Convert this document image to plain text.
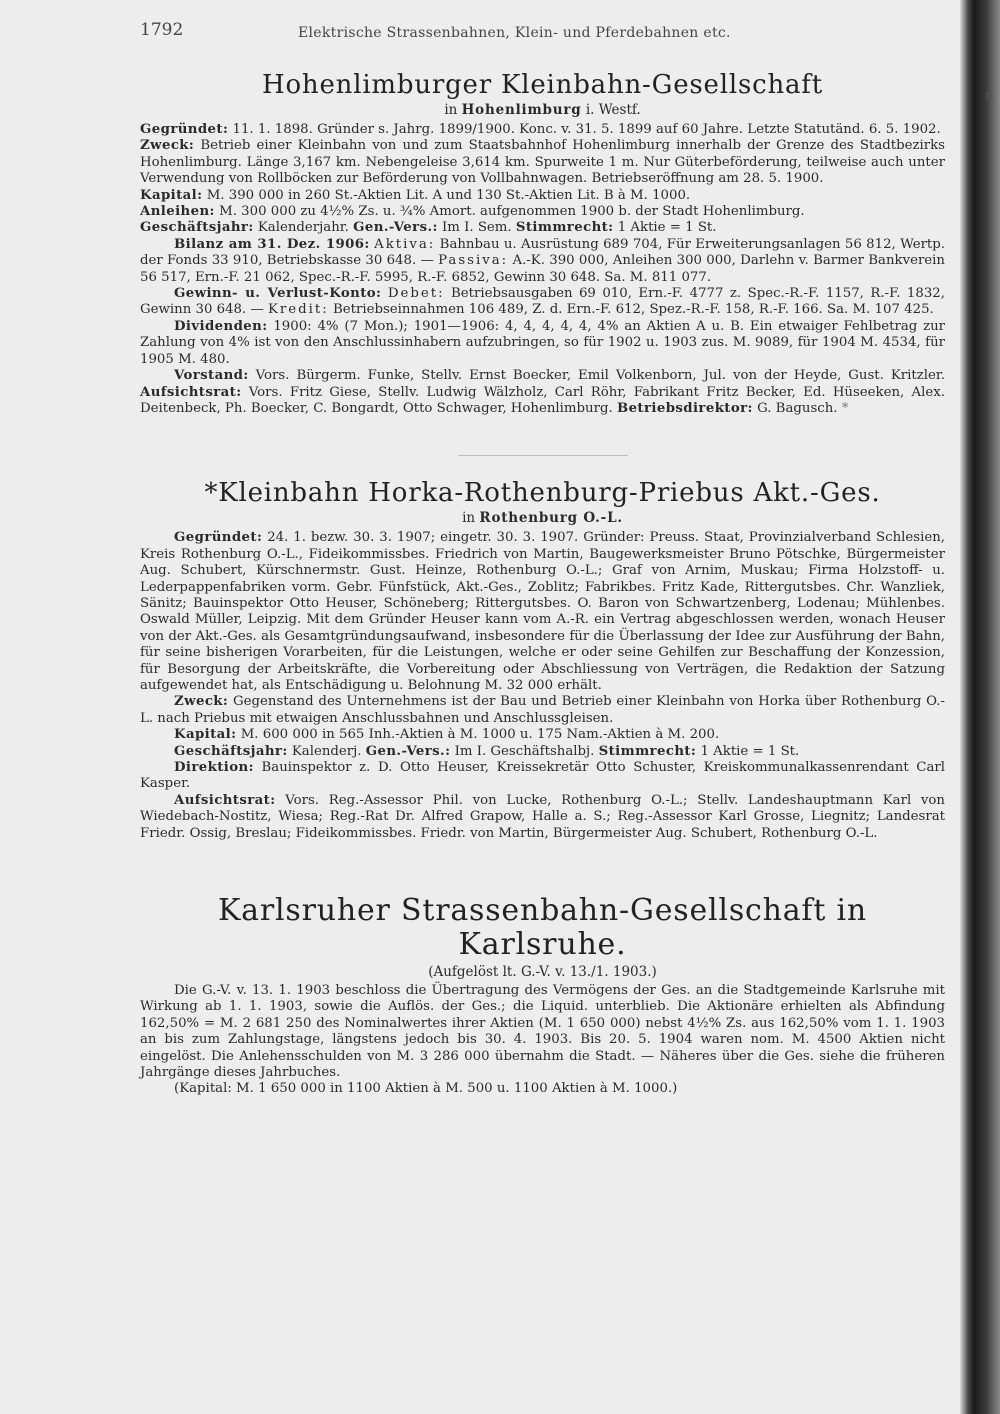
n
1792	Elektrische Strassenbahnen, Klein- und Pferdebahnen etc.
Hohenlimburger Kleinbahn-Gesellschaft
in Hohenlimburg i. Westf.

Gegründet: 11. 1. 1898. Gründer s. Jahrg. 1899/1900. Konc. v. 31. 5. 1899 auf 60 Jahre. Letzte Statutänd. 6. 5. 1902.

Zweck: Betrieb einer Kleinbahn von und zum Staatsbahnhof Hohenlimburg innerhalb der Grenze des Stadtbezirks Hohenlimburg. Länge 3,167 km. Nebengeleise 3,614 km. Spurweite 1 m. Nur Güterbeförderung, teilweise auch unter Verwendung von Rollböcken zur Beförderung von Vollbahnwagen. Betriebseröffnung am 28. 5. 1900.

Kapital: M. 390 000 in 260 St.-Aktien Lit. A und 130 St.-Aktien Lit. B à M. 1000.

Anleihen: M. 300 000 zu 4½% Zs. u. ¾% Amort. aufgenommen 1900 b. der Stadt Hohenlimburg.

Geschäftsjahr: Kalenderjahr. Gen.-Vers.: Im I. Sem. Stimmrecht: 1 Aktie = 1 St.

Bilanz am 31. Dez. 1906: Aktiva: Bahnbau u. Ausrüstung 689 704, Für Erweiterungsanlagen 56 812, Wertp. der Fonds 33 910, Betriebskasse 30 648. — Passiva: A.-K. 390 000, Anleihen 300 000, Darlehn v. Barmer Bankverein 56 517, Ern.-F. 21 062, Spec.-R.-F. 5995, R.-F. 6852, Gewinn 30 648. Sa. M. 811 077.

Gewinn- u. Verlust-Konto: Debet: Betriebsausgaben 69 010, Ern.-F. 4777 z. Spec.-R.-F. 1157, R.-F. 1832, Gewinn 30 648. — Kredit: Betriebseinnahmen 106 489, Z. d. Ern.-F. 612, Spez.-R.-F. 158, R.-F. 166. Sa. M. 107 425.

Dividenden: 1900: 4% (7 Mon.); 1901—1906: 4, 4, 4, 4, 4, 4% an Aktien A u. B. Ein etwaiger Fehlbetrag zur Zahlung von 4% ist von den Anschlussinhabern aufzubringen, so für 1902 u. 1903 zus. M. 9089, für 1904 M. 4534, für 1905 M. 480.

Vorstand: Vors. Bürgerm. Funke, Stellv. Ernst Boecker, Emil Volkenborn, Jul. von der Heyde, Gust. Kritzler. Aufsichtsrat: Vors. Fritz Giese, Stellv. Ludwig Wälzholz, Carl Röhr, Fabrikant Fritz Becker, Ed. Hüseeken, Alex. Deitenbeck, Ph. Boecker, C. Bongardt, Otto Schwager, Hohenlimburg. Betriebsdirektor: G. Bagusch. *

*Kleinbahn Horka-Rothenburg-Priebus Akt.-Ges.
in Rothenburg O.-L.

Gegründet: 24. 1. bezw. 30. 3. 1907; eingetr. 30. 3. 1907. Gründer: Preuss. Staat, Provinzialverband Schlesien, Kreis Rothenburg O.-L., Fideikommissbes. Friedrich von Martin, Baugewerksmeister Bruno Pötschke, Bürgermeister Aug. Schubert, Kürschnermstr. Gust. Heinze, Rothenburg O.-L.; Graf von Arnim, Muskau; Firma Holzstoff- u. Lederpappenfabriken vorm. Gebr. Fünfstück, Akt.-Ges., Zoblitz; Fabrikbes. Fritz Kade, Rittergutsbes. Chr. Wanzliek, Sänitz; Bauinspektor Otto Heuser, Schöneberg; Rittergutsbes. O. Baron von Schwartzenberg, Lodenau; Mühlenbes. Oswald Müller, Leipzig. Mit dem Gründer Heuser kann vom A.-R. ein Vertrag abgeschlossen werden, wonach Heuser von der Akt.-Ges. als Gesamtgründungsaufwand, insbesondere für die Überlassung der Idee zur Ausführung der Bahn, für seine bisherigen Vorarbeiten, für die Leistungen, welche er oder seine Gehilfen zur Beschaffung der Konzession, für Besorgung der Arbeitskräfte, die Vorbereitung oder Abschliessung von Verträgen, die Redaktion der Satzung aufgewendet hat, als Entschädigung u. Belohnung M. 32 000 erhält.

Zweck: Gegenstand des Unternehmens ist der Bau und Betrieb einer Kleinbahn von Horka über Rothenburg O.-L. nach Priebus mit etwaigen Anschlussbahnen und Anschlussgleisen.

Kapital: M. 600 000 in 565 Inh.-Aktien à M. 1000 u. 175 Nam.-Aktien à M. 200.

Geschäftsjahr: Kalenderj. Gen.-Vers.: Im I. Geschäftshalbj. Stimmrecht: 1 Aktie = 1 St.

Direktion: Bauinspektor z. D. Otto Heuser, Kreissekretär Otto Schuster, Kreiskommunalkassenrendant Carl Kasper.

Aufsichtsrat: Vors. Reg.-Assessor Phil. von Lucke, Rothenburg O.-L.; Stellv. Landeshauptmann Karl von Wiedebach-Nostitz, Wiesa; Reg.-Rat Dr. Alfred Grapow, Halle a. S.; Reg.-Assessor Karl Grosse, Liegnitz; Landesrat Friedr. Ossig, Breslau; Fideikommissbes. Friedr. von Martin, Bürgermeister Aug. Schubert, Rothenburg O.-L.

Karlsruher Strassenbahn-Gesellschaft in Karlsruhe.
(Aufgelöst lt. G.-V. v. 13./1. 1903.)

Die G.-V. v. 13. 1. 1903 beschloss die Übertragung des Vermögens der Ges. an die Stadtgemeinde Karlsruhe mit Wirkung ab 1. 1. 1903, sowie die Auflös. der Ges.; die Liquid. unterblieb. Die Aktionäre erhielten als Abfindung 162,50% = M. 2 681 250 des Nominalwertes ihrer Aktien (M. 1 650 000) nebst 4½% Zs. aus 162,50% vom 1. 1. 1903 an bis zum Zahlungstage, längstens jedoch bis 30. 4. 1903. Bis 20. 5. 1904 waren nom. M. 4500 Aktien nicht eingelöst. Die Anlehensschulden von M. 3 286 000 übernahm die Stadt. — Näheres über die Ges. siehe die früheren Jahrgänge dieses Jahrbuches.

(Kapital: M. 1 650 000 in 1100 Aktien à M. 500 u. 1100 Aktien à M. 1000.)
